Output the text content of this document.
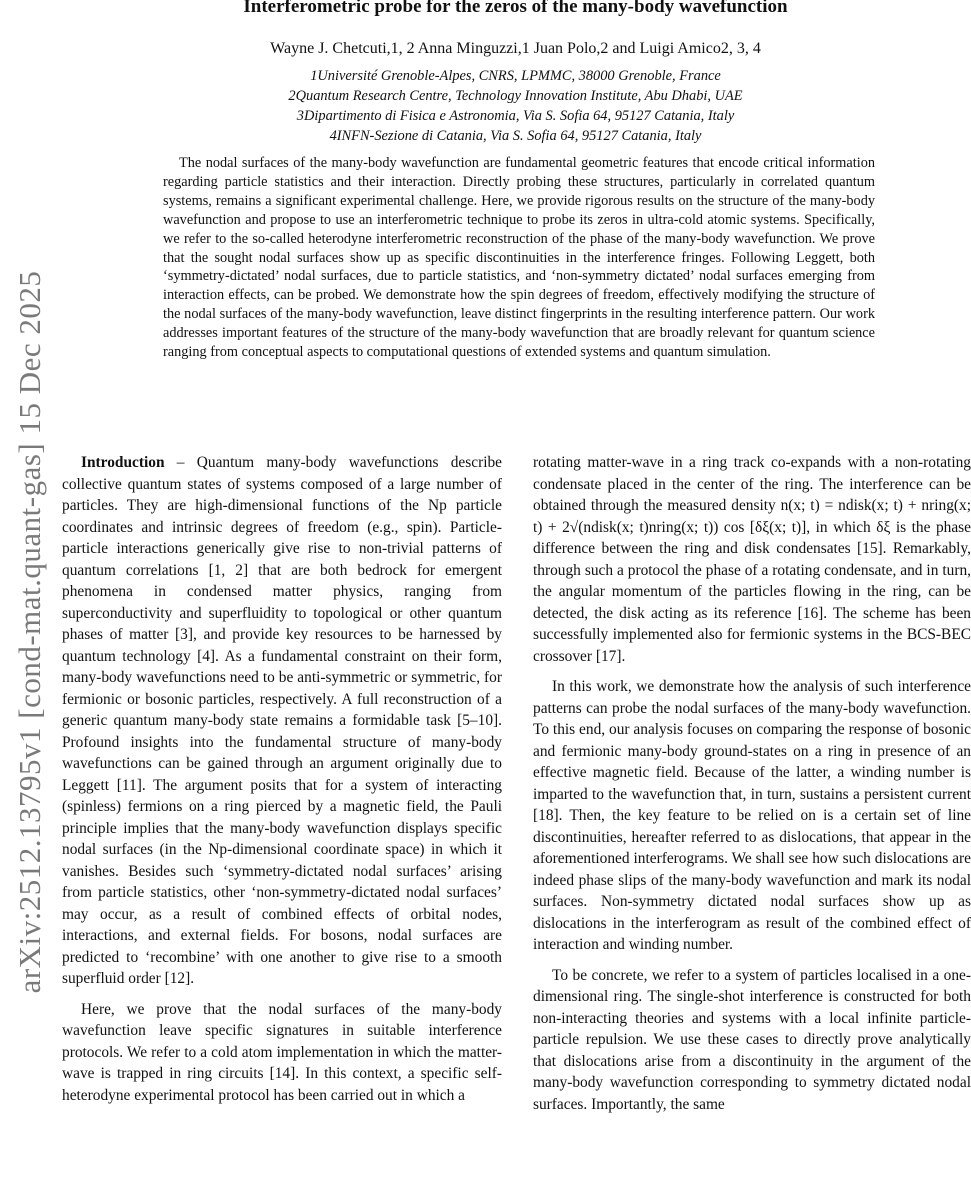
arXiv:2512.13795v1 [cond-mat.quant-gas] 15 Dec 2025
Interferometric probe for the zeros of the many-body wavefunction
Wayne J. Chetcuti,1, 2 Anna Minguzzi,1 Juan Polo,2 and Luigi Amico2, 3, 4
1Université Grenoble-Alpes, CNRS, LPMMC, 38000 Grenoble, France
2Quantum Research Centre, Technology Innovation Institute, Abu Dhabi, UAE
3Dipartimento di Fisica e Astronomia, Via S. Sofia 64, 95127 Catania, Italy
4INFN-Sezione di Catania, Via S. Sofia 64, 95127 Catania, Italy
The nodal surfaces of the many-body wavefunction are fundamental geometric features that encode critical information regarding particle statistics and their interaction. Directly probing these structures, particularly in correlated quantum systems, remains a significant experimental challenge. Here, we provide rigorous results on the structure of the many-body wavefunction and propose to use an interferometric technique to probe its zeros in ultra-cold atomic systems. Specifically, we refer to the so-called heterodyne interferometric reconstruction of the phase of the many-body wavefunction. We prove that the sought nodal surfaces show up as specific discontinuities in the interference fringes. Following Leggett, both ‘symmetry-dictated’ nodal surfaces, due to particle statistics, and ‘non-symmetry dictated’ nodal surfaces emerging from interaction effects, can be probed. We demonstrate how the spin degrees of freedom, effectively modifying the structure of the nodal surfaces of the many-body wavefunction, leave distinct fingerprints in the resulting interference pattern. Our work addresses important features of the structure of the many-body wavefunction that are broadly relevant for quantum science ranging from conceptual aspects to computational questions of extended systems and quantum simulation.

Introduction – Quantum many-body wavefunctions describe collective quantum states of systems composed of a large number of particles. They are high-dimensional functions of the Np particle coordinates and intrinsic degrees of freedom (e.g., spin). Particle-particle interactions generically give rise to non-trivial patterns of quantum correlations [1, 2] that are both bedrock for emergent phenomena in condensed matter physics, ranging from superconductivity and superfluidity to topological or other quantum phases of matter [3], and provide key resources to be harnessed by quantum technology [4]. As a fundamental constraint on their form, many-body wavefunctions need to be anti-symmetric or symmetric, for fermionic or bosonic particles, respectively. A full reconstruction of a generic quantum many-body state remains a formidable task [5–10]. Profound insights into the fundamental structure of many-body wavefunctions can be gained through an argument originally due to Leggett [11]. The argument posits that for a system of interacting (spinless) fermions on a ring pierced by a magnetic field, the Pauli principle implies that the many-body wavefunction displays specific nodal surfaces (in the Np-dimensional coordinate space) in which it vanishes. Besides such ‘symmetry-dictated nodal surfaces’ arising from particle statistics, other ‘non-symmetry-dictated nodal surfaces’ may occur, as a result of combined effects of orbital nodes, interactions, and external fields. For bosons, nodal surfaces are predicted to ‘recombine’ with one another to give rise to a smooth superfluid order [12].

Here, we prove that the nodal surfaces of the many-body wavefunction leave specific signatures in suitable interference protocols. We refer to a cold atom implementation in which the matter-wave is trapped in ring circuits [14]. In this context, a specific self-heterodyne experimental protocol has been carried out in which a

rotating matter-wave in a ring track co-expands with a non-rotating condensate placed in the center of the ring. The interference can be obtained through the measured density n(x; t) = ndisk(x; t) + nring(x; t) + 2√(ndisk(x; t)nring(x; t)) cos [δξ(x; t)], in which δξ is the phase difference between the ring and disk condensates [15]. Remarkably, through such a protocol the phase of a rotating condensate, and in turn, the angular momentum of the particles flowing in the ring, can be detected, the disk acting as its reference [16]. The scheme has been successfully implemented also for fermionic systems in the BCS-BEC crossover [17].

In this work, we demonstrate how the analysis of such interference patterns can probe the nodal surfaces of the many-body wavefunction. To this end, our analysis focuses on comparing the response of bosonic and fermionic many-body ground-states on a ring in presence of an effective magnetic field. Because of the latter, a winding number is imparted to the wavefunction that, in turn, sustains a persistent current [18]. Then, the key feature to be relied on is a certain set of line discontinuities, hereafter referred to as dislocations, that appear in the aforementioned interferograms. We shall see how such dislocations are indeed phase slips of the many-body wavefunction and mark its nodal surfaces. Non-symmetry dictated nodal surfaces show up as dislocations in the interferogram as result of the combined effect of interaction and winding number.

To be concrete, we refer to a system of particles localised in a one-dimensional ring. The single-shot interference is constructed for both non-interacting theories and systems with a local infinite particle-particle repulsion. We use these cases to directly prove analytically that dislocations arise from a discontinuity in the argument of the many-body wavefunction corresponding to symmetry dictated nodal surfaces. Importantly, the same
